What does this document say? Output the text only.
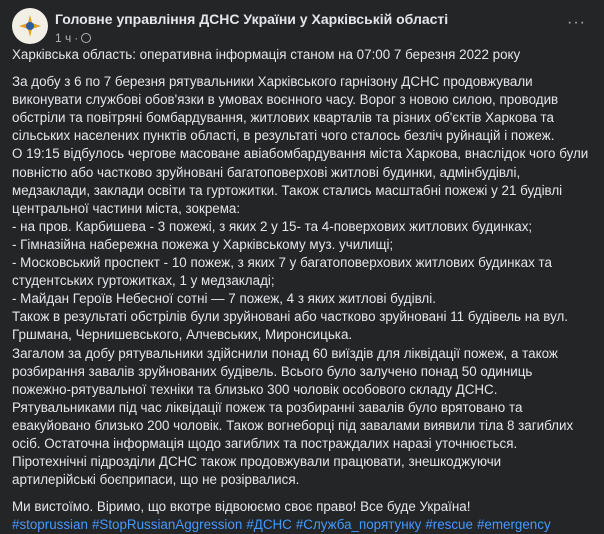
Головне управління ДСНС України у Харківській області
1 ч ·
···
Харківська область: оперативна інформація станом на 07:00 7 березня 2022 року
За добу з 6 по 7 березня рятувальники Харківського гарнізону ДСНС продовжували
виконувати службові обов'язки в умовах воєнного часу. Ворог з новою силою, проводив
обстріли та повітряні бомбардування, житлових кварталів та різних об'єктів Харкова та
сільських населених пунктів області, в результаті чого сталось безліч руйнацій і пожеж.
О 19:15 відбулось чергове масоване авіабомбардування міста Харкова, внаслідок чого були
повністю або частково зруйновані багатоповерхові житлові будинки, адмінбудівлі,
медзаклади, заклади освіти та гуртожитки. Також стались масштабні пожежі у 21 будівлі
центральної частини міста, зокрема:
- на пров. Карбишева - 3 пожежі, з яких 2 у 15- та 4-поверхових житлових будинках;
- Гімназійна набережна пожежа у Харківському муз. училищі;
- Московський проспект - 10 пожеж, з яких 7 у багатоповерхових житлових будинках та
студентських гуртожитках, 1 у медзакладі;
- Майдан Героїв Небесної сотні — 7 пожеж, 4 з яких житлові будівлі.
Також в результаті обстрілів були зруйновані або частково зруйновані 11 будівель на вул.
Гршмана, Чернишевського, Алчевських, Миронсицька.
Загалом за добу рятувальники здійснили понад 60 виїздів для ліквідації пожеж, а також
розбирання завалів зруйнованих будівель. Всього було залучено понад 50 одиниць
пожежно-рятувальної техніки та близько 300 чоловік особового складу ДСНС.
Рятувальниками під час ліквідації пожеж та розбиранні завалів було врятовано та
евакуйовано близько 200 чоловік. Також вогнеборці під завалами виявили тіла 8 загиблих
осіб. Остаточна інформація щодо загиблих та постраждалих наразі уточнюється.
Піротехнічні підрозділи ДСНС також продовжували працювати, знешкоджуючи
артилерійські боєприпаси, що не розірвалися.
Ми вистоїмо. Віримо, що вкотре відвоюємо своє право! Все буде Україна!
#stoprussian #StopRussianAggression #ДСНС #Служба_порятунку #rescue #emergency
